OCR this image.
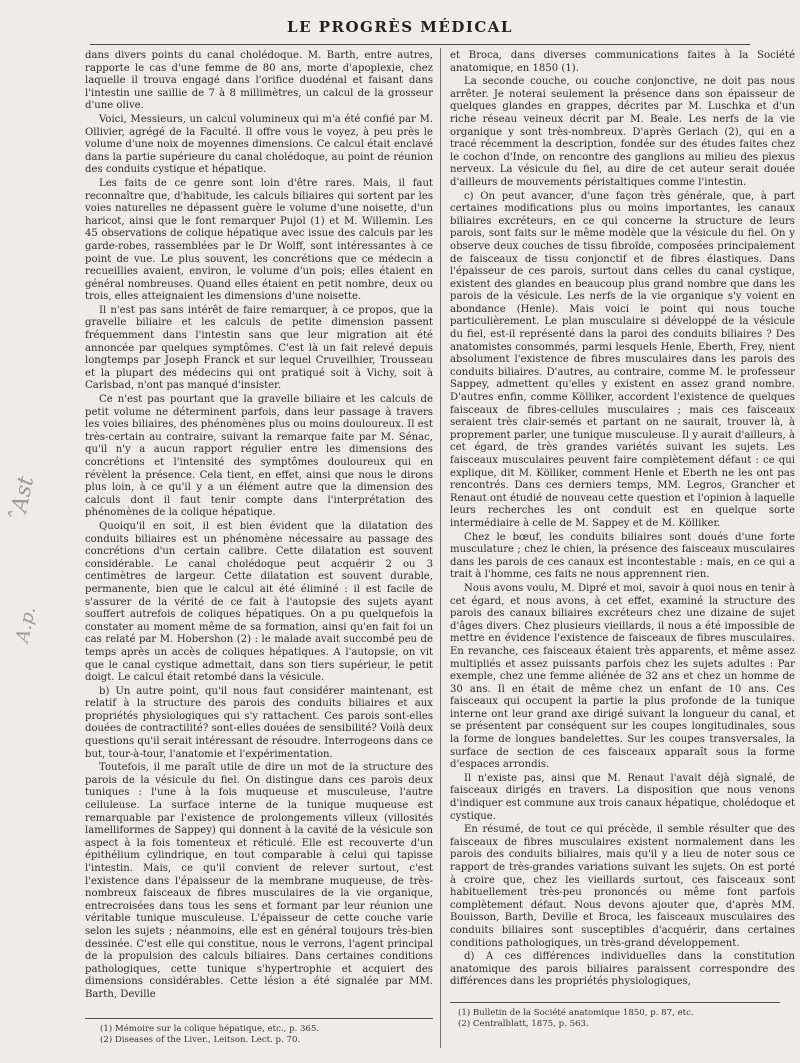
LE PROGRÈS MÉDICAL
ˆAst
A.p.

dans divers points du canal cholédoque. M. Barth, entre autres, rapporte le cas d'une femme de 80 ans, morte d'apoplexie, chez laquelle il trouva engagé dans l'orifice duodénal et faisant dans l'intestin une saillie de 7 à 8 millimètres, un calcul de la grosseur d'une olive.

Voici, Messieurs, un calcul volumineux qui m'a été confié par M. Ollivier, agrégé de la Faculté. Il offre vous le voyez, à peu près le volume d'une noix de moyennes dimensions. Ce calcul était enclavé dans la partie supérieure du canal cholédoque, au point de réunion des conduits cystique et hépatique.

Les faits de ce genre sont loin d'être rares. Mais, il faut reconnaître que, d'habitude, les calculs biliaires qui sortent par les voies naturelles ne dépassent guère le volume d'une noisette, d'un haricot, ainsi que le font remarquer Pujol (1) et M. Willemin. Les 45 observations de colique hépatique avec issue des calculs par les garde-robes, rassemblées par le Dr Wolff, sont intéressantes à ce point de vue. Le plus souvent, les concrétions que ce médecin a recueillies avaient, environ, le volume d'un pois; elles étaient en général nombreuses. Quand elles étaient en petit nombre, deux ou trois, elles atteignaient les dimensions d'une noisette.

Il n'est pas sans intérêt de faire remarquer, à ce propos, que la gravelle biliaire et les calculs de petite dimension passent fréquemment dans l'intestin sans que leur migration ait été annoncée par quelques symptômes. C'est là un fait relevé depuis longtemps par Joseph Franck et sur lequel Cruveilhier, Trousseau et la plupart des médecins qui ont pratiqué soit à Vichy, soit à Carlsbad, n'ont pas manqué d'insister.

Ce n'est pas pourtant que la gravelle biliaire et les calculs de petit volume ne déterminent parfois, dans leur passage à travers les voies biliaires, des phénomènes plus ou moins douloureux. Il est très-certain au contraire, suivant la remarque faite par M. Sénac, qu'il n'y a aucun rapport régulier entre les dimensions des concrétions et l'intensité des symptômes douloureux qui en révèlent la présence. Cela tient, en effet, ainsi que nous le dirons plus loin, à ce qu'il y a un élément autre que la dimension des calculs dont il faut tenir compte dans l'interprétation des phénomènes de la colique hépatique.

Quoiqu'il en soit, il est bien évident que la dilatation des conduits biliaires est un phénomène nécessaire au passage des concrétions d'un certain calibre. Cette dilatation est souvent considérable. Le canal cholédoque peut acquérir 2 ou 3 centimètres de largeur. Cette dilatation est souvent durable, permanente, bien que le calcul ait été éliminé : il est facile de s'assurer de la vérité de ce fait à l'autopsie des sujets ayant souffert autrefois de coliques hépatiques. On a pu quelquefois la constater au moment même de sa formation, ainsi qu'en fait foi un cas relaté par M. Hobershon (2) : le malade avait succombé peu de temps après un accès de coliques hépatiques. A l'autopsie, on vit que le canal cystique admettait, dans son tiers supérieur, le petit doigt. Le calcul était retombé dans la vésicule.

b) Un autre point, qu'il nous faut considérer maintenant, est relatif à la structure des parois des conduits biliaires et aux propriétés physiologiques qui s'y rattachent. Ces parois sont-elles douées de contractilité? sont-elles douées de sensibilité? Voilà deux questions qu'il serait intéressant de résoudre. Interrogeons dans ce but, tour-à-tour, l'anatomie et l'expérimentation.

Toutefois, il me paraît utile de dire un mot de la structure des parois de la vésicule du fiel. On distingue dans ces parois deux tuniques : l'une à la fois muqueuse et musculeuse, l'autre celluleuse. La surface interne de la tunique muqueuse est remarquable par l'existence de prolongements villeux (villosités lamelliformes de Sappey) qui donnent à la cavité de la vésicule son aspect à la fois tomenteux et réticulé. Elle est recouverte d'un épithélium cylindrique, en tout comparable à celui qui tapisse l'intestin. Mais, ce qu'il convient de relever surtout, c'est l'existence dans l'épaisseur de la membrane muqueuse, de très-nombreux faisceaux de fibres musculaires de la vie organique, entrecroisées dans tous les sens et formant par leur réunion une véritable tunique musculeuse. L'épaisseur de cette couche varie selon les sujets ; néanmoins, elle est en général toujours très-bien dessinée. C'est elle qui constitue, nous le verrons, l'agent principal de la propulsion des calculs biliaires. Dans certaines conditions pathologiques, cette tunique s'hypertrophie et acquiert des dimensions considérables. Cette lésion a été signalée par MM. Barth, Deville

et Broca, dans diverses communications faites à la Société anatomique, en 1850 (1).

La seconde couche, ou couche conjonctive, ne doit pas nous arrêter. Je noterai seulement la présence dans son épaisseur de quelques glandes en grappes, décrites par M. Luschka et d'un riche réseau veineux décrit par M. Beale. Les nerfs de la vie organique y sont très-nombreux. D'après Gerlach (2), qui en a tracé récemment la description, fondée sur des études faites chez le cochon d'Inde, on rencontre des ganglions au milieu des plexus nerveux. La vésicule du fiel, au dire de cet auteur serait douée d'ailleurs de mouvements péristaltiques comme l'intestin.

c) On peut avancer, d'une façon très générale, que, à part certaines modifications plus ou moins importantes, les canaux biliaires excréteurs, en ce qui concerne la structure de leurs parois, sont faits sur le même modèle que la vésicule du fiel. On y observe deux couches de tissu fibroïde, composées principalement de faisceaux de tissu conjonctif et de fibres élastiques. Dans l'épaisseur de ces parois, surtout dans celles du canal cystique, existent des glandes en beaucoup plus grand nombre que dans les parois de la vésicule. Les nerfs de la vie organique s'y voient en abondance (Henle). Mais voici le point qui nous touche particulièrement. Le plan musculaire si développé de la vésicule du fiel, est-il représenté dans la paroi des conduits biliaires ? Des anatomistes consommés, parmi lesquels Henle, Eberth, Frey, nient absolument l'existence de fibres musculaires dans les parois des conduits biliaires. D'autres, au contraire, comme M. le professeur Sappey, admettent qu'elles y existent en assez grand nombre. D'autres enfin, comme Kölliker, accordent l'existence de quelques faisceaux de fibres-cellules musculaires ; mais ces faisceaux seraient très clair-semés et partant on ne saurait, trouver là, à proprement parler, une tunique musculeuse. Il y aurait d'ailleurs, à cet égard, de très grandes variétés suivant les sujets. Les faisceaux musculaires peuvent faire complètement défaut : ce qui explique, dit M. Kölliker, comment Henle et Eberth ne les ont pas rencontrés. Dans ces derniers temps, MM. Legros, Grancher et Renaut ont étudié de nouveau cette question et l'opinion à laquelle leurs recherches les ont conduit est en quelque sorte intermédiaire à celle de M. Sappey et de M. Kölliker.

Chez le bœuf, les conduits biliaires sont doués d'une forte musculature ; chez le chien, la présence des faisceaux musculaires dans les parois de ces canaux est incontestable : mais, en ce qui a trait à l'homme, ces faits ne nous apprennent rien.

Nous avons voulu, M. Dipré et moi, savoir à quoi nous en tenir à cet égard, et nous avons, à cet effet, examiné la structure des parois des canaux biliaires excréteurs chez une dizaine de sujet d'âges divers. Chez plusieurs vieillards, il nous a été impossible de mettre en évidence l'existence de faisceaux de fibres musculaires. En revanche, ces faisceaux étaient très apparents, et même assez multipliés et assez puissants parfois chez les sujets adultes : Par exemple, chez une femme aliénée de 32 ans et chez un homme de 30 ans. Il en était de même chez un enfant de 10 ans. Ces faisceaux qui occupent la partie la plus profonde de la tunique interne ont leur grand axe dirigé suivant la longueur du canal, et se présentent par conséquent sur les coupes longitudinales, sous la forme de longues bandelettes. Sur les coupes transversales, la surface de section de ces faisceaux apparaît sous la forme d'espaces arrondis.

Il n'existe pas, ainsi que M. Renaut l'avait déjà signalé, de faisceaux dirigés en travers. La disposition que nous venons d'indiquer est commune aux trois canaux hépatique, cholédoque et cystique.

En résumé, de tout ce qui précède, il semble résulter que des faisceaux de fibres musculaires existent normalement dans les parois des conduits biliaires, mais qu'il y a lieu de noter sous ce rapport de très-grandes variations suivant les sujets. On est porté à croire que, chez les vieillards surtout, ces faisceaux sont habituellement très-peu prononcés ou même font parfois complètement défaut. Nous devons ajouter que, d'après MM. Bouisson, Barth, Deville et Broca, les faisceaux musculaires des conduits biliaires sont susceptibles d'acquérir, dans certaines conditions pathologiques, un très-grand développement.

d) A ces différences individuelles dans la constitution anatomique des parois biliaires paraissent correspondre des différences dans les propriétés physiologiques,

(1) Mémoire sur la colique hépatique, etc., p. 365.
(2) Diseases of the Liver., Leitson. Lect. p. 70.
(1) Bulletin de la Société anatomique 1850, p. 87, etc.
(2) Centralblatt, 1875, p. 563.
